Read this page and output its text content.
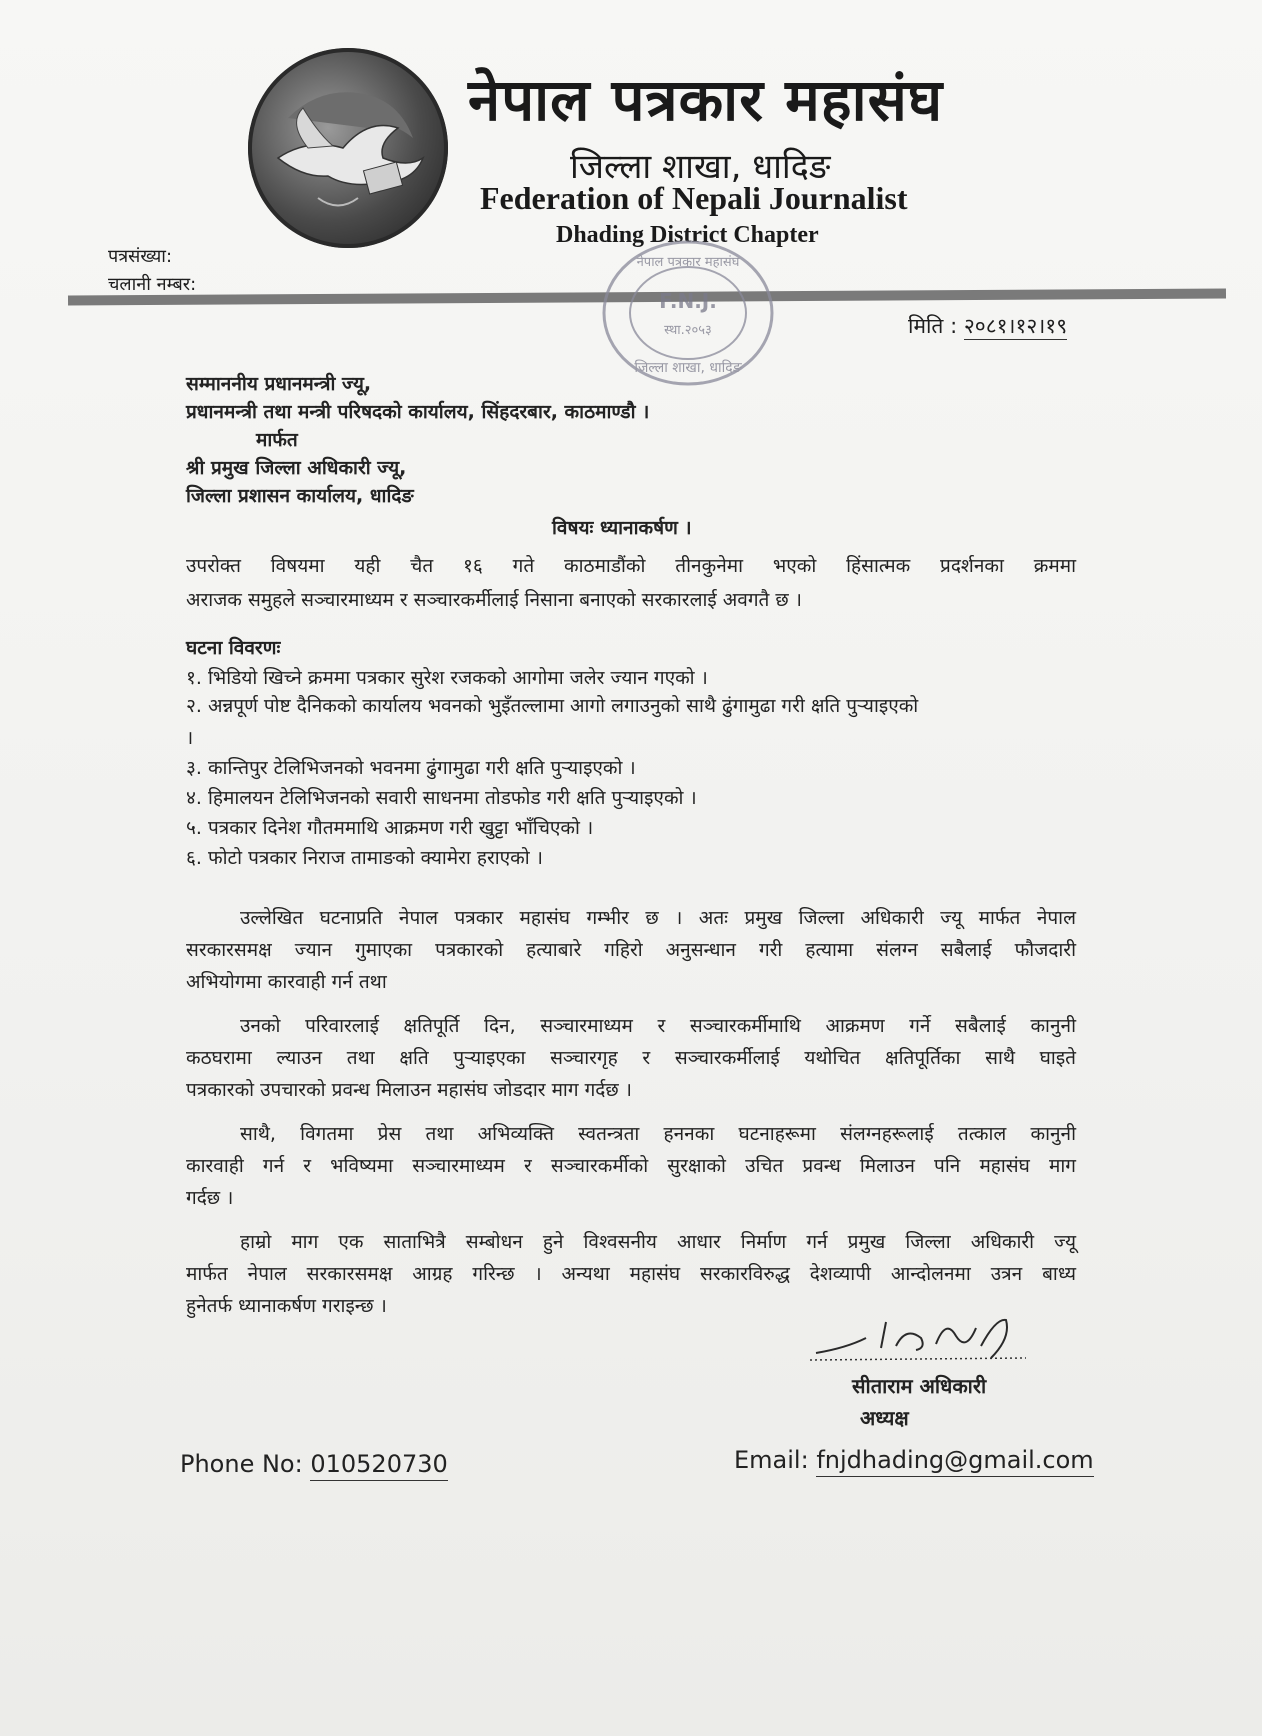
नेपाल पत्रकार महासंघ
जिल्ला शाखा, धादिङ
Federation of Nepali Journalist
Dhading District Chapter
पत्रसंख्या:
चलानी नम्बर:
नेपाल पत्रकार महासंघ
F.N.J.
स्था.२०५३
जिल्ला शाखा, धादिङ
मिति : २०८१।१२।१९
सम्माननीय प्रधानमन्त्री ज्यू,
प्रधानमन्त्री तथा मन्त्री परिषदको कार्यालय, सिंहदरबार, काठमाण्डौ ।
मार्फत
श्री प्रमुख जिल्ला अधिकारी ज्यू,
जिल्ला प्रशासन कार्यालय, धादिङ
विषयः ध्यानाकर्षण ।
उपरोक्त विषयमा यही चैत १६ गते काठमाडौंको तीनकुनेमा भएको हिंसात्मक प्रदर्शनका क्रममा
अराजक समुहले सञ्चारमाध्यम र सञ्चारकर्मीलाई निसाना बनाएको सरकारलाई अवगतै छ ।
घटना विवरणः
१. भिडियो खिच्ने क्रममा पत्रकार सुरेश रजकको आगोमा जलेर ज्यान गएको ।
२. अन्नपूर्ण पोष्ट दैनिकको कार्यालय भवनको भुइँतल्लामा आगो लगाउनुको साथै ढुंगामुढा गरी क्षति पुऱ्याइएको
।
३. कान्तिपुर टेलिभिजनको भवनमा ढुंगामुढा गरी क्षति पुऱ्याइएको ।
४. हिमालयन टेलिभिजनको सवारी साधनमा तोडफोड गरी क्षति पुऱ्याइएको ।
५. पत्रकार दिनेश गौतममाथि आक्रमण गरी खुट्टा भाँचिएको ।
६. फोटो पत्रकार निराज तामाङको क्यामेरा हराएको ।
उल्लेखित घटनाप्रति नेपाल पत्रकार महासंघ गम्भीर छ । अतः प्रमुख जिल्ला अधिकारी ज्यू मार्फत नेपाल
सरकारसमक्ष ज्यान गुमाएका पत्रकारको हत्याबारे गहिरो अनुसन्धान गरी हत्यामा संलग्न सबैलाई फौजदारी
अभियोगमा कारवाही गर्न तथा
उनको परिवारलाई क्षतिपूर्ति दिन, सञ्चारमाध्यम र सञ्चारकर्मीमाथि आक्रमण गर्ने सबैलाई कानुनी
कठघरामा ल्याउन तथा क्षति पुऱ्याइएका सञ्चारगृह र सञ्चारकर्मीलाई यथोचित क्षतिपूर्तिका साथै घाइते
पत्रकारको उपचारको प्रवन्ध मिलाउन महासंघ जोडदार माग गर्दछ ।
साथै, विगतमा प्रेस तथा अभिव्यक्ति स्वतन्त्रता हननका घटनाहरूमा संलग्नहरूलाई तत्काल कानुनी
कारवाही गर्न र भविष्यमा सञ्चारमाध्यम र सञ्चारकर्मीको सुरक्षाको उचित प्रवन्ध मिलाउन पनि महासंघ माग
गर्दछ ।
हाम्रो माग एक साताभित्रै सम्बोधन हुने विश्वसनीय आधार निर्माण गर्न प्रमुख जिल्ला अधिकारी ज्यू
मार्फत नेपाल सरकारसमक्ष आग्रह गरिन्छ । अन्यथा महासंघ सरकारविरुद्ध देशव्यापी आन्दोलनमा उत्रन बाध्य
हुनेतर्फ ध्यानाकर्षण गराइन्छ ।
सीताराम अधिकारी
अध्यक्ष
Phone No: 010520730	Email: fnjdhading@gmail.com
